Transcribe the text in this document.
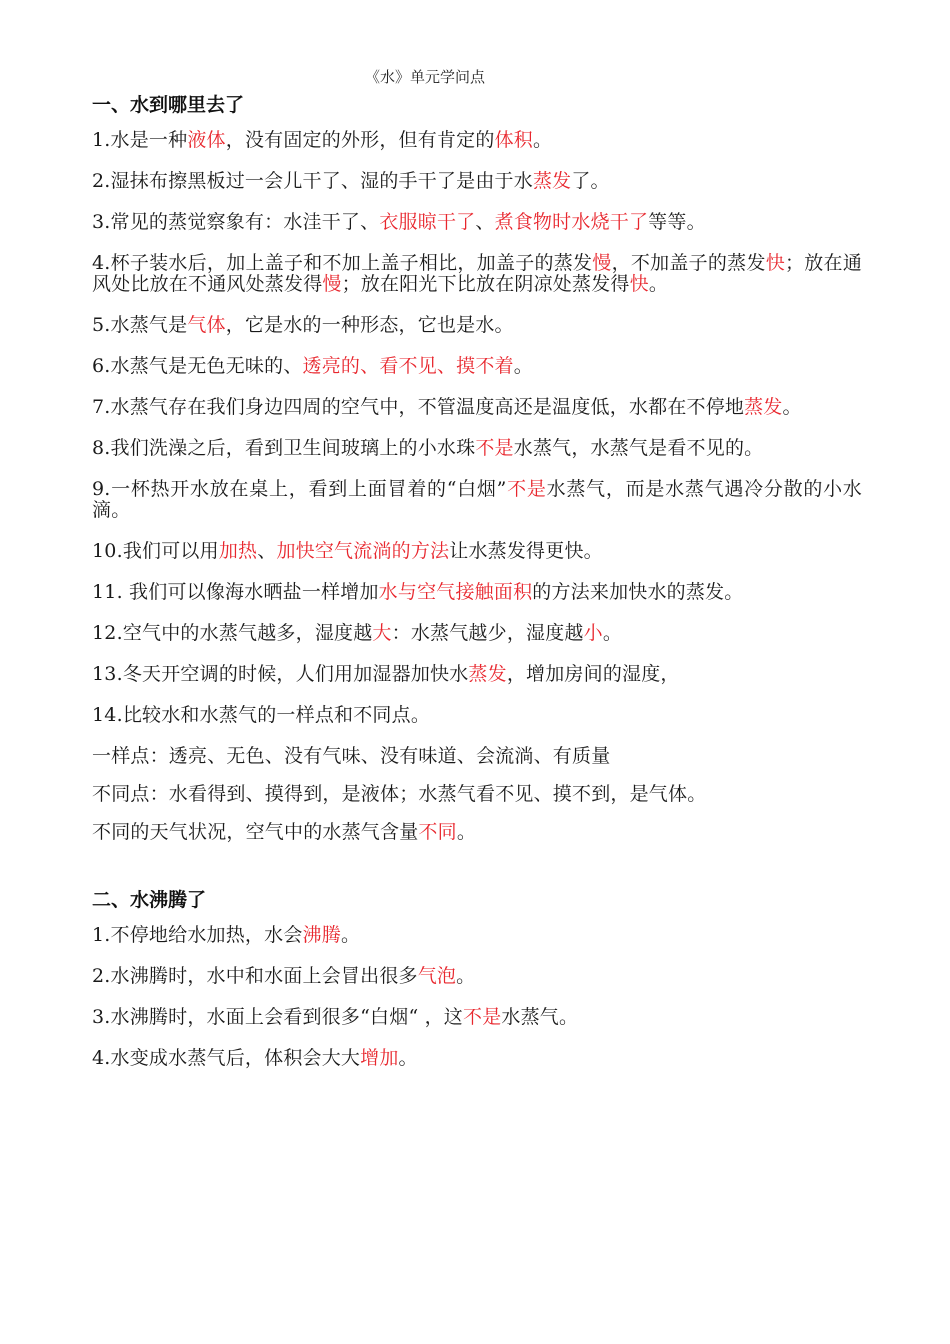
《水》单元学问点
一、水到哪里去了
1.水是一种液体，没有固定的外形，但有肯定的体积。
2.湿抹布擦黑板过一会儿干了、湿的手干了是由于水蒸发了。
3.常见的蒸觉察象有：水洼干了、衣服晾干了、煮食物时水烧干了等等。
4.杯子装水后，加上盖子和不加上盖子相比，加盖子的蒸发慢，不加盖子的蒸发快；放在通风处比放在不通风处蒸发得慢；放在阳光下比放在阴凉处蒸发得快。
5.水蒸气是气体，它是水的一种形态，它也是水。
6.水蒸气是无色无味的、透亮的、看不见、摸不着。
7.水蒸气存在我们身边四周的空气中，不管温度高还是温度低，水都在不停地蒸发。
8.我们洗澡之后，看到卫生间玻璃上的小水珠不是水蒸气，水蒸气是看不见的。
9.一杯热开水放在桌上，看到上面冒着的“白烟”不是水蒸气，而是水蒸气遇冷分散的小水滴。
10.我们可以用加热、加快空气流淌的方法让水蒸发得更快。
11. 我们可以像海水晒盐一样增加水与空气接触面积的方法来加快水的蒸发。
12.空气中的水蒸气越多，湿度越大：水蒸气越少，湿度越小。
13.冬天开空调的时候，人们用加湿器加快水蒸发，增加房间的湿度，
14.比较水和水蒸气的一样点和不同点。
一样点：透亮、无色、没有气味、没有味道、会流淌、有质量
不同点：水看得到、摸得到，是液体；水蒸气看不见、摸不到，是气体。
不同的天气状况，空气中的水蒸气含量不同。
二、水沸腾了
1.不停地给水加热，水会沸腾。
2.水沸腾时，水中和水面上会冒出很多气泡。
3.水沸腾时，水面上会看到很多“白烟“ ，这不是水蒸气。
4.水变成水蒸气后，体积会大大增加。
